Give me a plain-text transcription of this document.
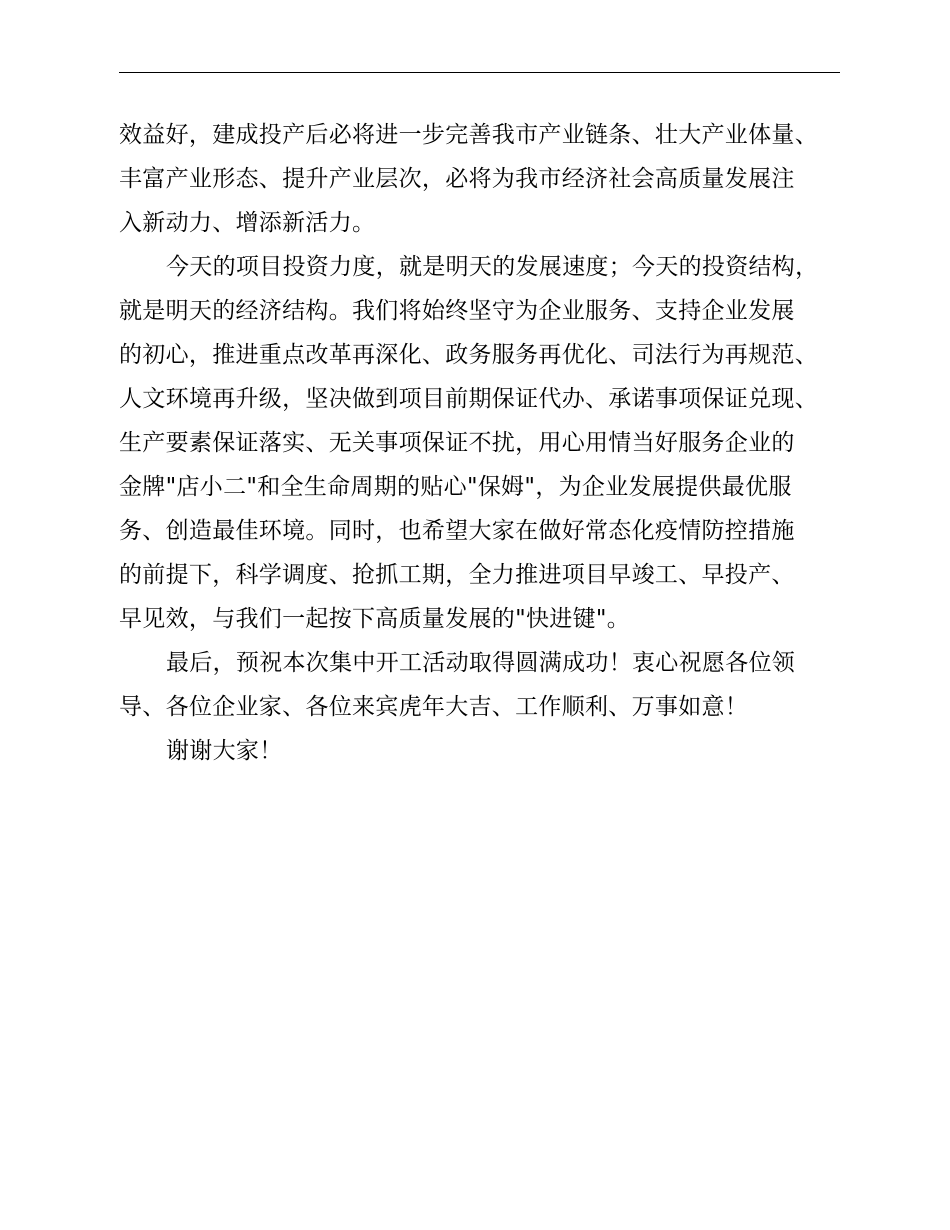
效益好，建成投产后必将进一步完善我市产业链条、壮大产业体量、

丰富产业形态、提升产业层次，必将为我市经济社会高质量发展注

入新动力、增添新活力。

今天的项目投资力度，就是明天的发展速度；今天的投资结构，

就是明天的经济结构。我们将始终坚守为企业服务、支持企业发展

的初心，推进重点改革再深化、政务服务再优化、司法行为再规范、

人文环境再升级，坚决做到项目前期保证代办、承诺事项保证兑现、

生产要素保证落实、无关事项保证不扰，用心用情当好服务企业的

金牌"店小二"和全生命周期的贴心"保姆"，为企业发展提供最优服

务、创造最佳环境。同时，也希望大家在做好常态化疫情防控措施

的前提下，科学调度、抢抓工期，全力推进项目早竣工、早投产、

早见效，与我们一起按下高质量发展的"快进键"。

最后，预祝本次集中开工活动取得圆满成功！衷心祝愿各位领

导、各位企业家、各位来宾虎年大吉、工作顺利、万事如意！

谢谢大家！
